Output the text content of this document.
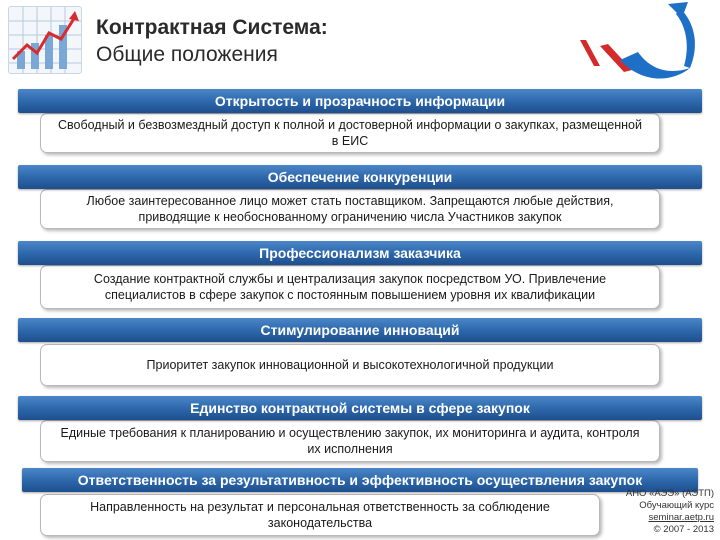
Контрактная Система:
Общие положения
Открытость и прозрачность информации
Свободный и безвозмездный доступ к полной и достоверной информации о закупках, размещенной в ЕИС
Обеспечение конкуренции
Любое заинтересованное лицо может стать поставщиком. Запрещаются любые действия, приводящие к необоснованному ограничению числа Участников закупок
Профессионализм заказчика
Создание контрактной службы и централизация закупок посредством УО. Привлечение специалистов в сфере закупок с постоянным повышением уровня их квалификации
Стимулирование инноваций
Приоритет закупок инновационной и высокотехнологичной продукции
Единство контрактной системы в сфере закупок
Единые требования к планированию и осуществлению закупок, их мониторинга и аудита, контроля их исполнения
Ответственность за результативность и эффективность осуществления закупок
Направленность на результат и персональная ответственность за соблюдение законодательства
АНО «АЭЭ» (АЭТП)
Обучающий курс
seminar.aetp.ru
© 2007 - 2013
